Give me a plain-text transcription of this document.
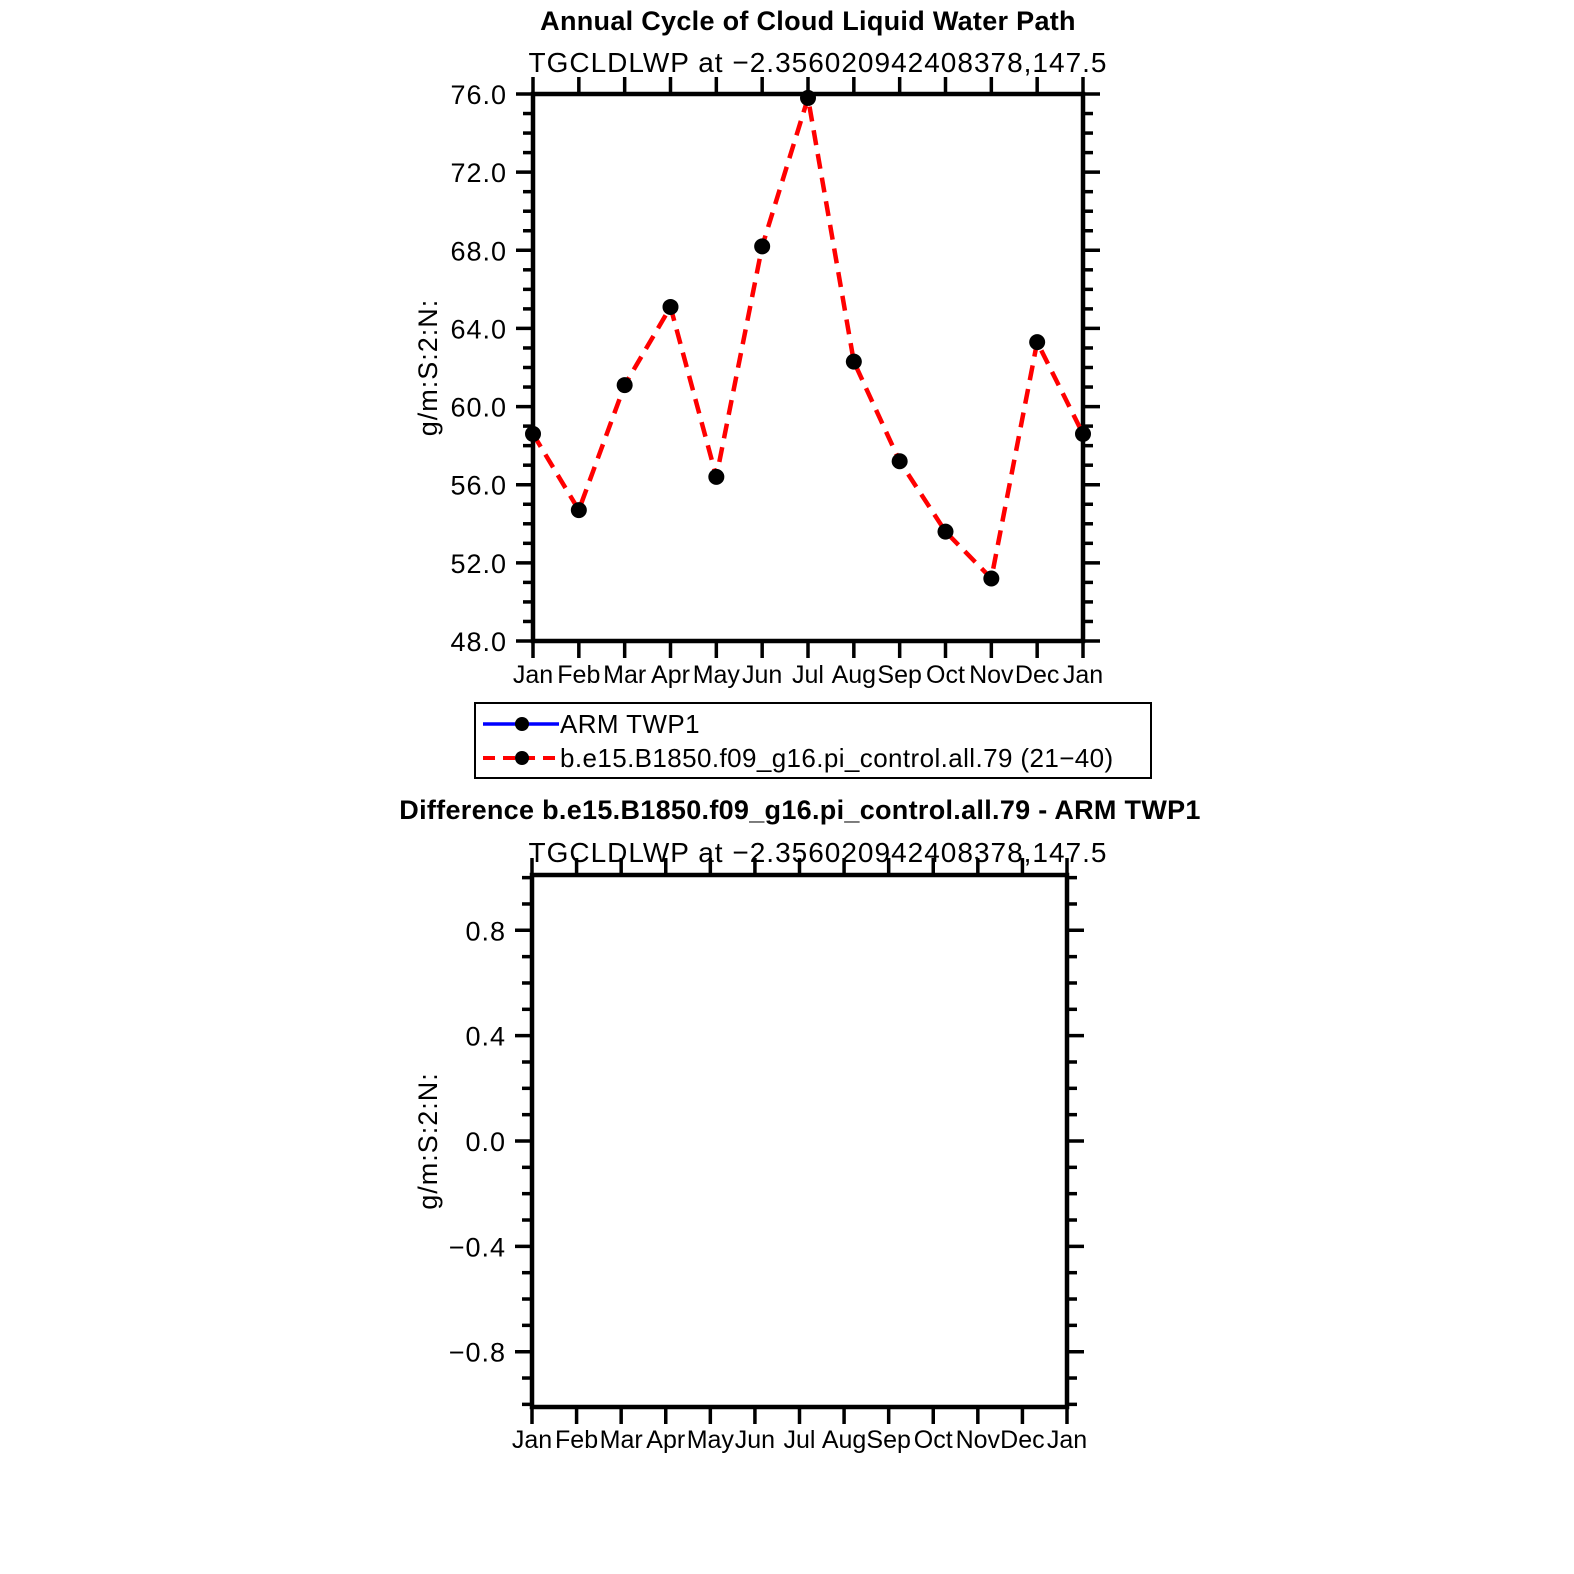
48.0
52.0
56.0
60.0
64.0
68.0
72.0
76.0
Jan Feb Mar Apr May Jun Jul Aug Sep Oct Nov Dec Jan
g/m:S:2:N:
−0.8
−0.4
0.0
0.4
0.8
Jan Feb Mar Apr May Jun Jul Aug Sep Oct Nov Dec Jan
g/m:S:2:N:
Annual Cycle of Cloud Liquid Water Path
TGCLDLWP at −2.356020942408378,147.5
Difference b.e15.B1850.f09_g16.pi_control.all.79 - ARM TWP1
TGCLDLWP at −2.356020942408378,147.5
ARM TWP1
b.e15.B1850.f09_g16.pi_control.all.79 (21−40)
